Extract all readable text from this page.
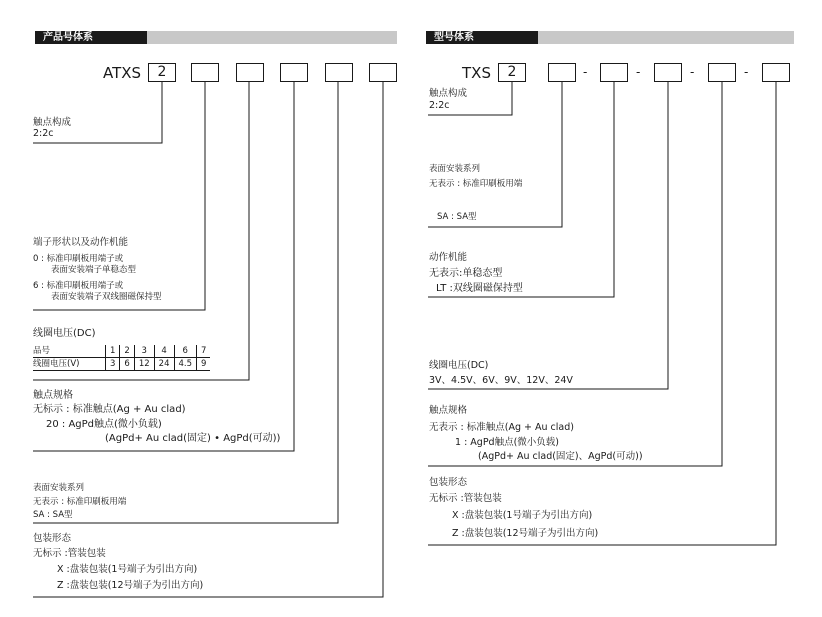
产品号体系
ATXS	2
触点构成
2:2c
端子形状以及动作机能
0 : 标准印刷板用端子或
表面安装端子单稳态型
6 : 标准印刷板用端子或
表面安装端子双线圈磁保持型
线圈电压(DC)
品号	1	2	3	4	6	7
线圈电压(V)	3	6	12	24	4.5	9
触点规格
无标示 : 标准触点(Ag + Au clad)
20 : AgPd触点(微小负载)
(AgPd+ Au clad(固定) • AgPd(可动))
表面安装系列
无表示 : 标准印刷板用端
SA : SA型
包装形态
无标示 :管装包装
X :盘装包装(1号端子为引出方向)
Z :盘装包装(12号端子为引出方向)
型号体系
TXS	2	-	-	-	-
触点构成
2:2c
表面安装系列
无表示 : 标准印刷板用端
SA : SA型
动作机能
无表示:单稳态型
LT :双线圈磁保持型
线圈电压(DC)
3V、4.5V、6V、9V、12V、24V
触点规格
无表示 : 标准触点(Ag + Au clad)
1 : AgPd触点(微小负载)
(AgPd+ Au clad(固定)、AgPd(可动))
包装形态
无标示 :管装包装
X :盘装包装(1号端子为引出方向)
Z :盘装包装(12号端子为引出方向)
